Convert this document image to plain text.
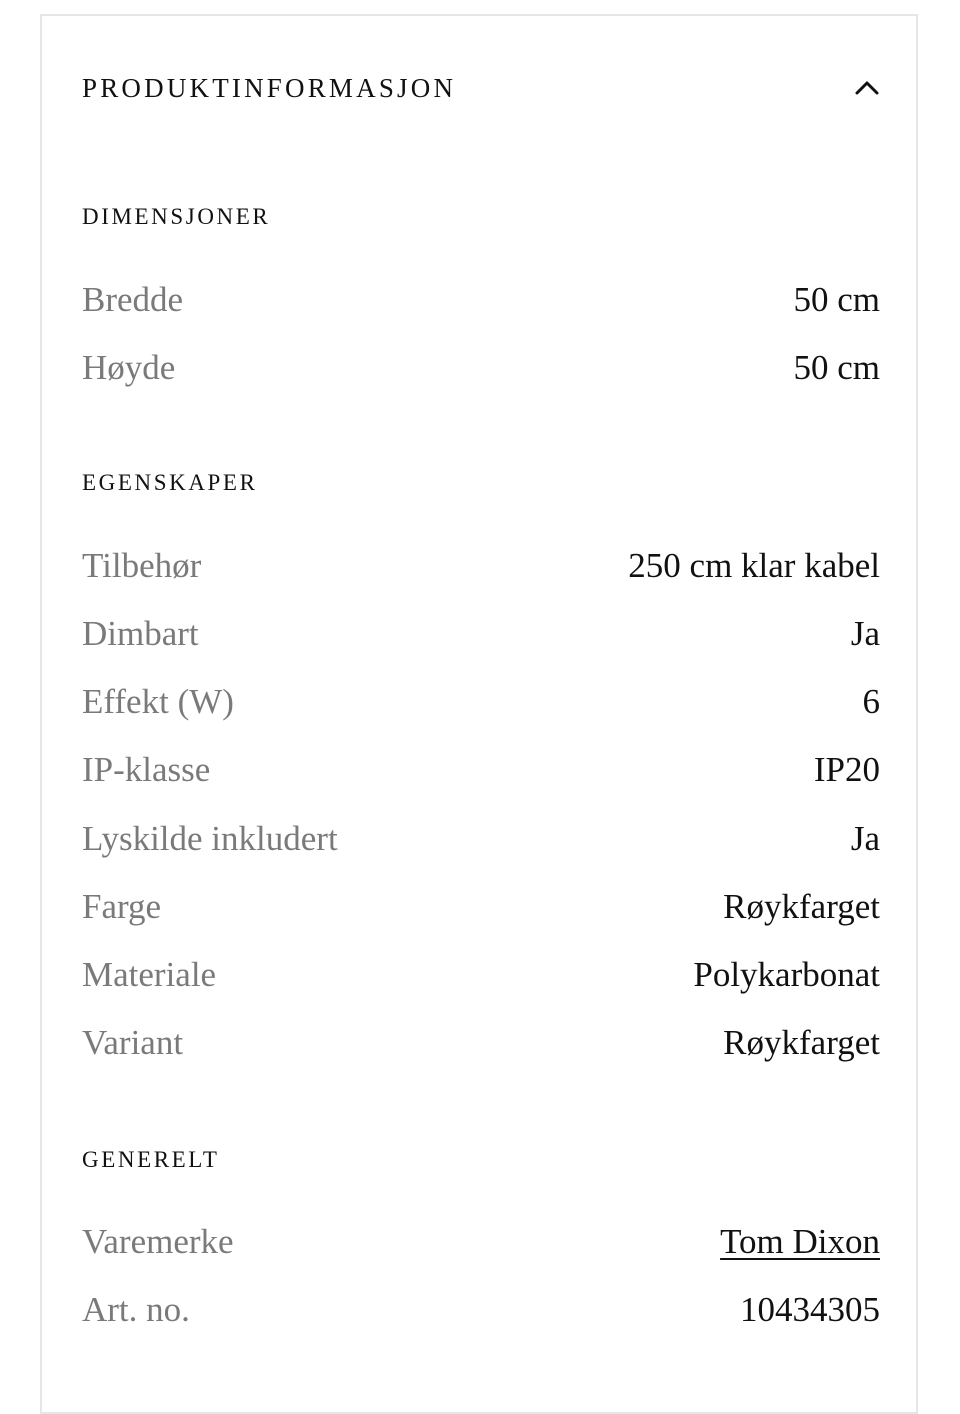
PRODUKTINFORMASJON
DIMENSJONER
Bredde	50 cm
Høyde	50 cm
EGENSKAPER
Tilbehør	250 cm klar kabel
Dimbart	Ja
Effekt (W)	6
IP-klasse	IP20
Lyskilde inkludert	Ja
Farge	Røykfarget
Materiale	Polykarbonat
Variant	Røykfarget
GENERELT
Varemerke	Tom Dixon
Art. no.	10434305
